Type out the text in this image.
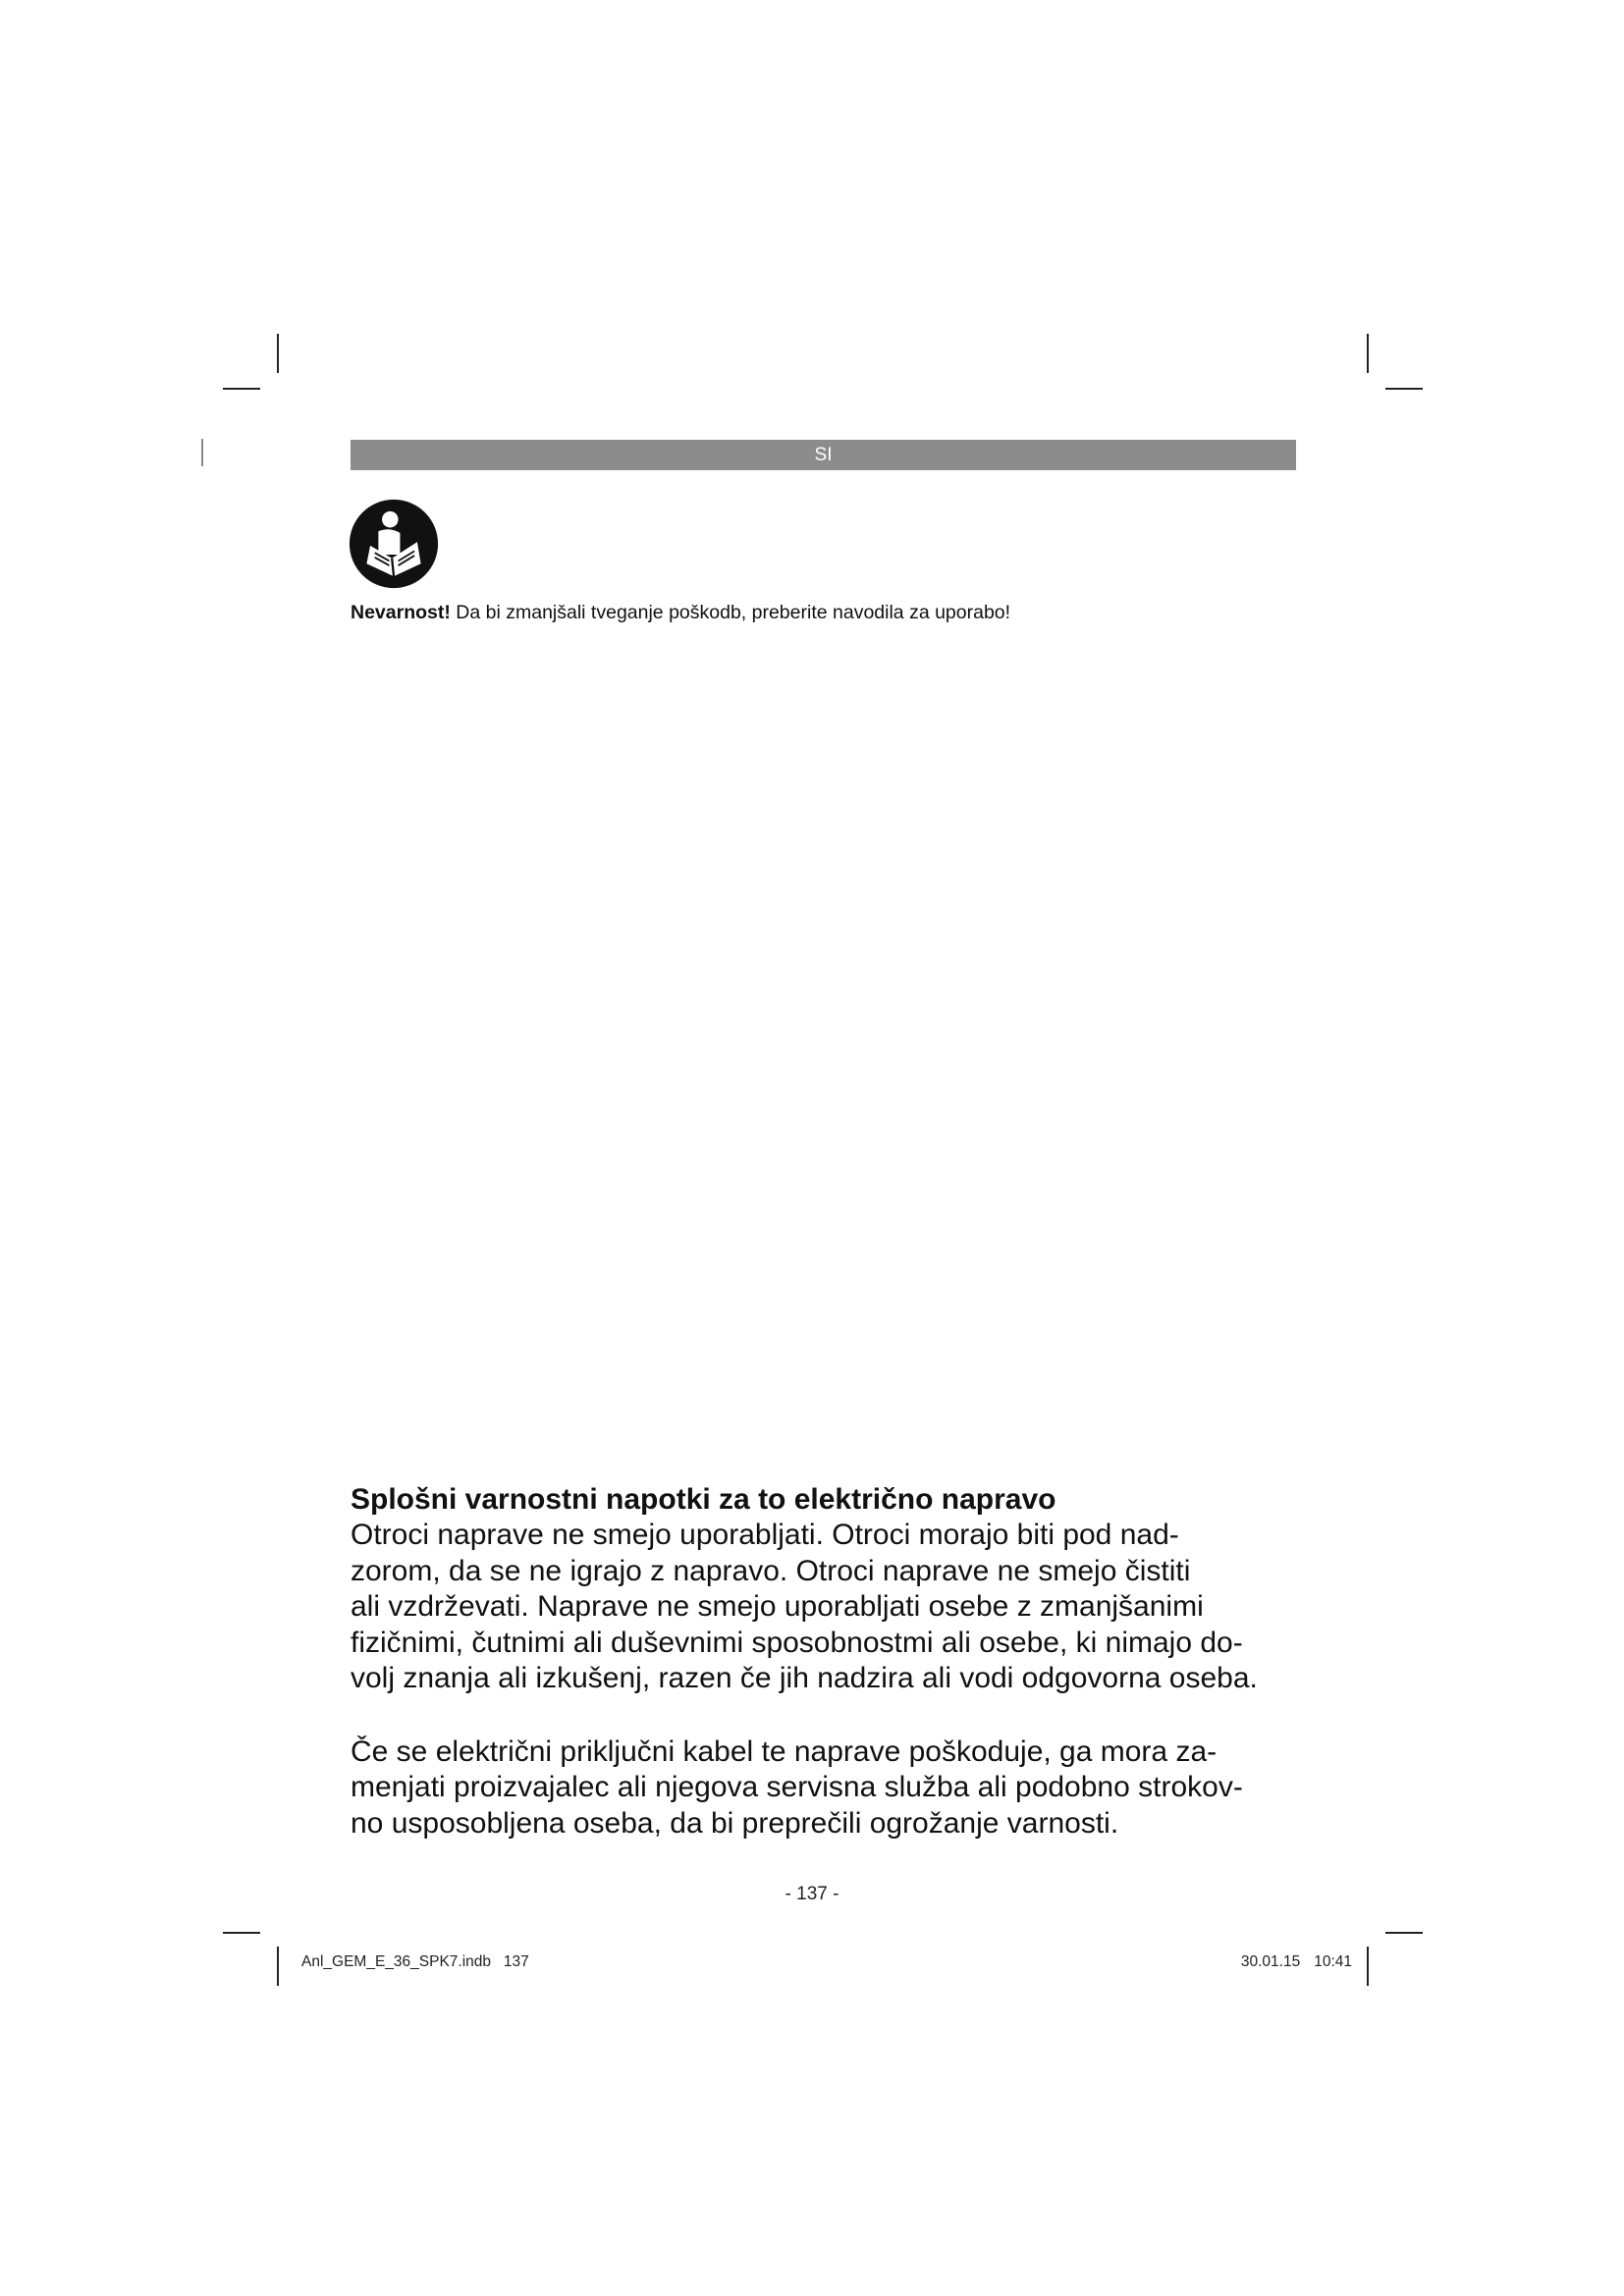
SI
Nevarnost! Da bi zmanjšali tveganje poškodb, preberite navodila za uporabo!
Splošni varnostni napotki za to električno napravo
Otroci naprave ne smejo uporabljati. Otroci morajo biti pod nad-
zorom, da se ne igrajo z napravo. Otroci naprave ne smejo čistiti
ali vzdrževati. Naprave ne smejo uporabljati osebe z zmanjšanimi
fizičnimi, čutnimi ali duševnimi sposobnostmi ali osebe, ki nimajo do-
volj znanja ali izkušenj, razen če jih nadzira ali vodi odgovorna oseba.
Če se električni priključni kabel te naprave poškoduje, ga mora za-
menjati proizvajalec ali njegova servisna služba ali podobno strokov-
no usposobljena oseba, da bi preprečili ogrožanje varnosti.
- 137 -
Anl_GEM_E_36_SPK7.indb   137	30.01.15 10:41
